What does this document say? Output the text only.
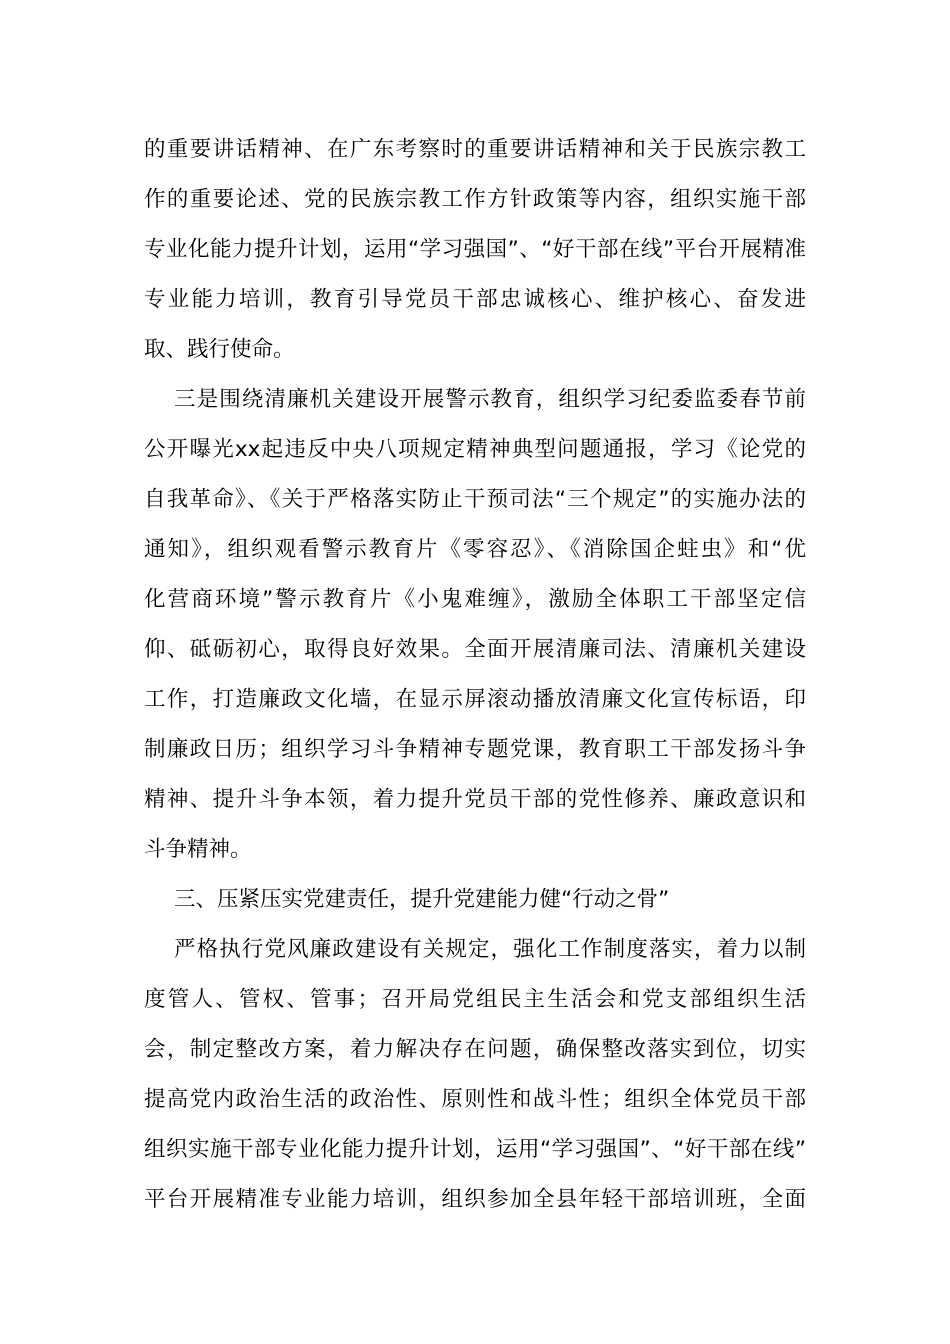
的重要讲话精神、在广东考察时的重要讲话精神和关于民族宗教工
作的重要论述、党的民族宗教工作方针政策等内容，组织实施干部
专业化能力提升计划，运用“学习强国”、“好干部在线”平台开展精准
专业能力培训，教育引导党员干部忠诚核心、维护核心、奋发进
取、践行使命。
三是围绕清廉机关建设开展警示教育，组织学习纪委监委春节前
公开曝光xx起违反中央八项规定精神典型问题通报，学习《论党的
自我革命》、《关于严格落实防止干预司法“三个规定”的实施办法的
通知》，组织观看警示教育片《零容忍》、《消除国企蛀虫》和“优
化营商环境”警示教育片《小鬼难缠》，激励全体职工干部坚定信
仰、砥砺初心，取得良好效果。全面开展清廉司法、清廉机关建设
工作，打造廉政文化墙，在显示屏滚动播放清廉文化宣传标语，印
制廉政日历；组织学习斗争精神专题党课，教育职工干部发扬斗争
精神、提升斗争本领，着力提升党员干部的党性修养、廉政意识和
斗争精神。
三、压紧压实党建责任，提升党建能力健“行动之骨”
严格执行党风廉政建设有关规定，强化工作制度落实，着力以制
度管人、管权、管事；召开局党组民主生活会和党支部组织生活
会，制定整改方案，着力解决存在问题，确保整改落实到位，切实
提高党内政治生活的政治性、原则性和战斗性；组织全体党员干部
组织实施干部专业化能力提升计划，运用“学习强国”、“好干部在线”
平台开展精准专业能力培训，组织参加全县年轻干部培训班，全面
